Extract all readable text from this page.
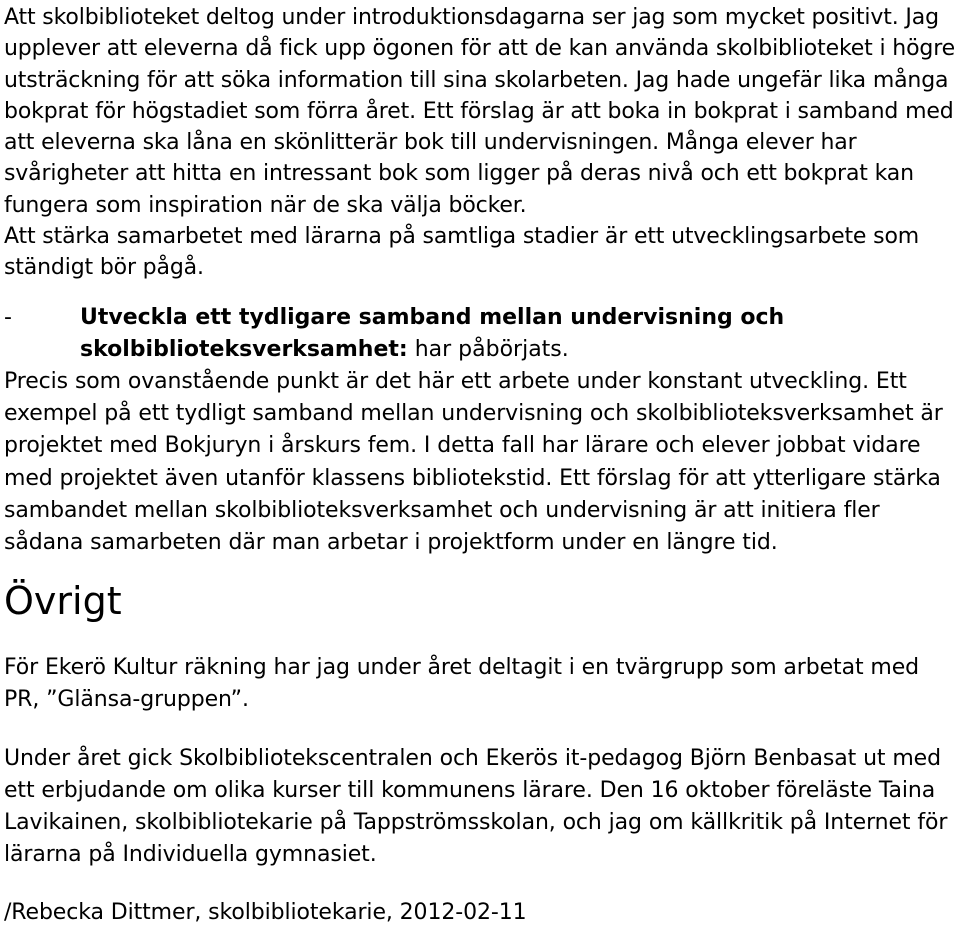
Att skolbiblioteket deltog under introduktionsdagarna ser jag som mycket positivt. Jag upplever att eleverna då fick upp ögonen för att de kan använda skolbiblioteket i högre utsträckning för att söka information till sina skolarbeten. Jag hade ungefär lika många bokprat för högstadiet som förra året. Ett förslag är att boka in bokprat i samband med att eleverna ska låna en skönlitterär bok till undervisningen. Många elever har svårigheter att hitta en intressant bok som ligger på deras nivå och ett bokprat kan fungera som inspiration när de ska välja böcker.

Att stärka samarbetet med lärarna på samtliga stadier är ett utvecklingsarbete som ständigt bör pågå.

-	Utveckla ett tydligare samband mellan undervisning och skolbiblioteksverksamhet: har påbörjats.

Precis som ovanstående punkt är det här ett arbete under konstant utveckling. Ett exempel på ett tydligt samband mellan undervisning och skolbiblioteksverksamhet är projektet med Bokjuryn i årskurs fem. I detta fall har lärare och elever jobbat vidare med projektet även utanför klassens bibliotekstid. Ett förslag för att ytterligare stärka sambandet mellan skolbiblioteksverksamhet och undervisning är att initiera fler sådana samarbeten där man arbetar i projektform under en längre tid.

Övrigt

För Ekerö Kultur räkning har jag under året deltagit i en tvärgrupp som arbetat med PR, ”Glänsa-gruppen”.

Under året gick Skolbibliotekscentralen och Ekerös it-pedagog Björn Benbasat ut med ett erbjudande om olika kurser till kommunens lärare. Den 16 oktober föreläste Taina Lavikainen, skolbibliotekarie på Tappströmsskolan, och jag om källkritik på Internet för lärarna på Individuella gymnasiet.

/Rebecka Dittmer, skolbibliotekarie, 2012-02-11
